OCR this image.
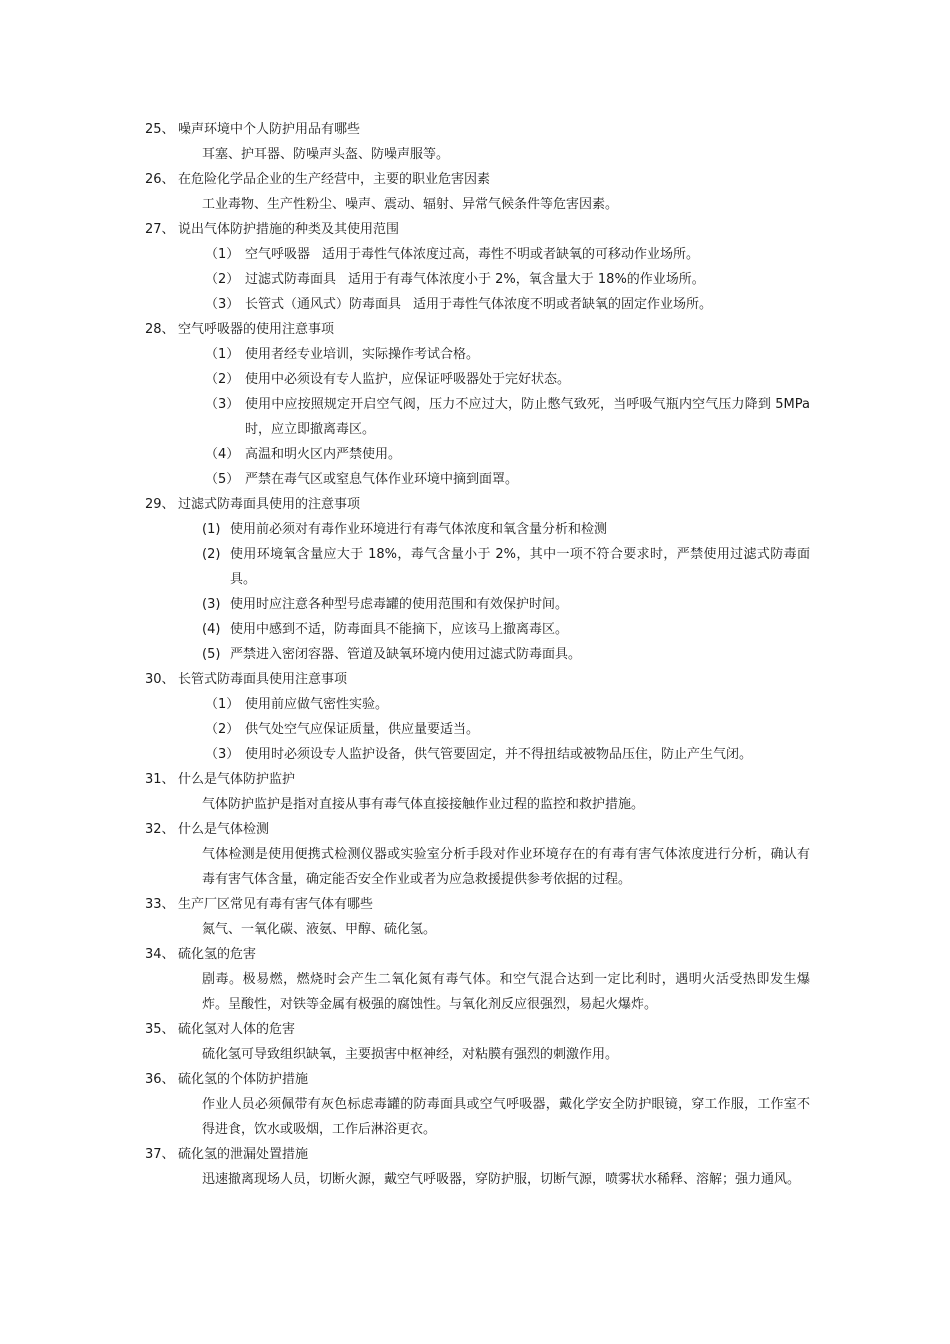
25、 噪声环境中个人防护用品有哪些
耳塞、护耳器、防噪声头盔、防噪声服等。
26、 在危险化学品企业的生产经营中，主要的职业危害因素
工业毒物、生产性粉尘、噪声、震动、辐射、异常气候条件等危害因素。
27、 说出气体防护措施的种类及其使用范围
（1） 空气呼吸器 适用于毒性气体浓度过高，毒性不明或者缺氧的可移动作业场所。
（2） 过滤式防毒面具 适用于有毒气体浓度小于 2%，氧含量大于 18%的作业场所。
（3） 长管式（通风式）防毒面具 适用于毒性气体浓度不明或者缺氧的固定作业场所。
28、 空气呼吸器的使用注意事项
（1） 使用者经专业培训，实际操作考试合格。
（2） 使用中必须设有专人监护，应保证呼吸器处于完好状态。
（3） 使用中应按照规定开启空气阀，压力不应过大，防止憋气致死，当呼吸气瓶内空气压力降到 5MPa 时，应立即撤离毒区。
（4） 高温和明火区内严禁使用。
（5） 严禁在毒气区或窒息气体作业环境中摘到面罩。
29、 过滤式防毒面具使用的注意事项
(1) 使用前必须对有毒作业环境进行有毒气体浓度和氧含量分析和检测
(2) 使用环境氧含量应大于 18%，毒气含量小于 2%，其中一项不符合要求时，严禁使用过滤式防毒面具。
(3) 使用时应注意各种型号虑毒罐的使用范围和有效保护时间。
(4) 使用中感到不适，防毒面具不能摘下，应该马上撤离毒区。
(5) 严禁进入密闭容器、管道及缺氧环境内使用过滤式防毒面具。
30、 长管式防毒面具使用注意事项
（1） 使用前应做气密性实验。
（2） 供气处空气应保证质量，供应量要适当。
（3） 使用时必须设专人监护设备，供气管要固定，并不得扭结或被物品压住，防止产生气闭。
31、 什么是气体防护监护
气体防护监护是指对直接从事有毒气体直接接触作业过程的监控和救护措施。
32、 什么是气体检测
气体检测是使用便携式检测仪器或实验室分析手段对作业环境存在的有毒有害气体浓度进行分析，确认有毒有害气体含量，确定能否安全作业或者为应急救援提供参考依据的过程。
33、 生产厂区常见有毒有害气体有哪些
氮气、一氧化碳、液氨、甲醇、硫化氢。
34、 硫化氢的危害
剧毒。极易燃，燃烧时会产生二氧化氮有毒气体。和空气混合达到一定比利时，遇明火活受热即发生爆炸。呈酸性，对铁等金属有极强的腐蚀性。与氧化剂反应很强烈，易起火爆炸。
35、 硫化氢对人体的危害
硫化氢可导致组织缺氧，主要损害中枢神经，对粘膜有强烈的刺激作用。
36、 硫化氢的个体防护措施
作业人员必须佩带有灰色标虑毒罐的防毒面具或空气呼吸器，戴化学安全防护眼镜，穿工作服，工作室不得进食，饮水或吸烟，工作后淋浴更衣。
37、 硫化氢的泄漏处置措施
迅速撤离现场人员，切断火源，戴空气呼吸器，穿防护服，切断气源，喷雾状水稀释、溶解；强力通风。
